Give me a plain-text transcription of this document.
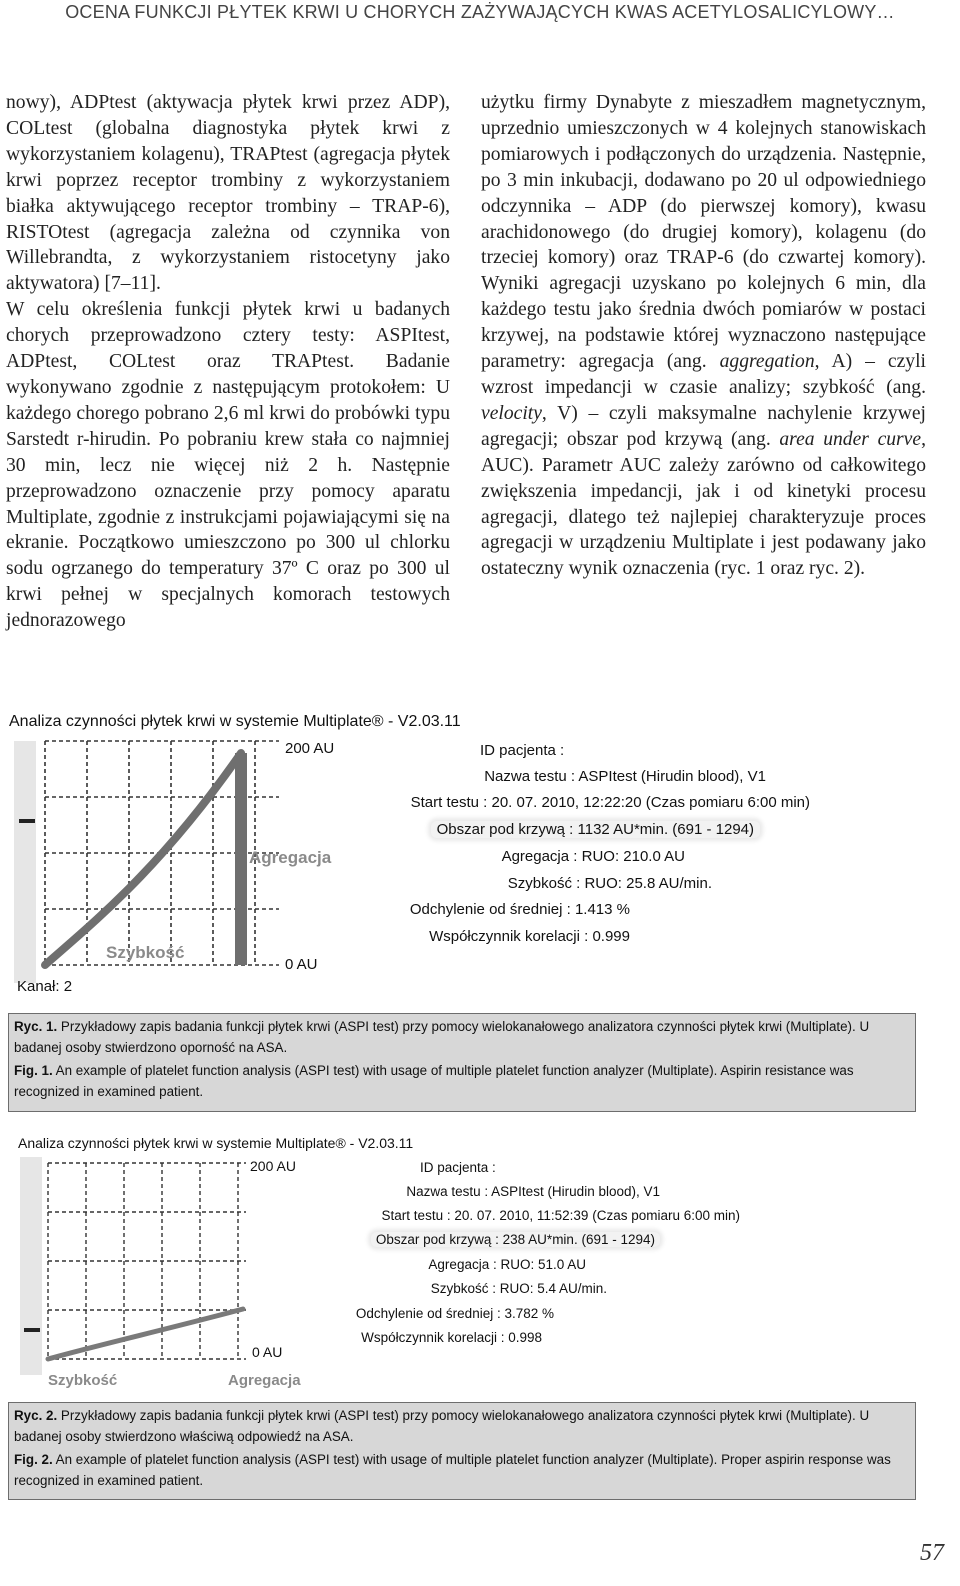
OCENA FUNKCJI PŁYTEK KRWI U CHORYCH ZAŻYWAJĄCYCH KWAS ACETYLOSALICYLOWY…

nowy), ADPtest (aktywacja płytek krwi przez ADP), COLtest (globalna diagnostyka płytek krwi z wykorzystaniem kolagenu), TRAPtest (agregacja płytek krwi poprzez receptor trombiny z wykorzystaniem białka aktywującego receptor trombiny – TRAP-6), RISTOtest (agregacja zależna od czynnika von Willebrandta, z wykorzystaniem ristocetyny jako aktywatora) [7–11].

W celu określenia funkcji płytek krwi u badanych chorych przeprowadzono cztery testy: ASPItest, ADPtest, COLtest oraz TRAPtest. Badanie wykonywano zgodnie z następującym protokołem: U każdego chorego pobrano 2,6 ml krwi do probówki typu Sarstedt r-hirudin. Po pobraniu krew stała co najmniej 30 min, lecz nie więcej niż 2 h. Następnie przeprowadzono oznaczenie przy pomocy aparatu Multiplate, zgodnie z instrukcjami pojawiającymi się na ekranie. Początkowo umieszczono po 300 ul chlorku sodu ogrzanego do temperatury 37º C oraz po 300 ul krwi pełnej w specjalnych komorach testowych jednorazowego

użytku firmy Dynabyte z mieszadłem magnetycznym, uprzednio umieszczonych w 4 kolejnych stanowiskach pomiarowych i podłączonych do urządzenia. Następnie, po 3 min inkubacji, dodawano po 20 ul odpowiedniego odczynnika – ADP (do pierwszej komory), kwasu arachidonowego (do drugiej komory), kolagenu (do trzeciej komory) oraz TRAP-6 (do czwartej komory). Wyniki agregacji uzyskano po kolejnych 6 min, dla każdego testu jako średnia dwóch pomiarów w postaci krzywej, na podstawie której wyznaczono następujące parametry: agregacja (ang. aggregation, A) – czyli wzrost impedancji w czasie analizy; szybkość (ang. velocity, V) – czyli maksymalne nachylenie krzywej agregacji; obszar pod krzywą (ang. area under curve, AUC). Parametr AUC zależy zarówno od całkowitego zwiększenia impedancji, jak i od kinetyki procesu agregacji, dlatego też najlepiej charakteryzuje proces agregacji w urządzeniu Multiplate i jest podawany jako ostateczny wynik oznaczenia (ryc. 1 oraz ryc. 2).

Analiza czynności płytek krwi w systemie Multiplate® - V2.03.11
Agregacja
Szybkość
200 AU
0 AU
Kanał: 2
ID pacjenta :
Nazwa testu : ASPItest (Hirudin blood), V1
Start testu : 20. 07. 2010, 12:22:20 (Czas pomiaru 6:00 min)
Obszar pod krzywą : 1132 AU*min. (691 - 1294)
Agregacja : RUO: 210.0 AU
Szybkość : RUO: 25.8 AU/min.
Odchylenie od średniej : 1.413 %
Współczynnik korelacji : 0.999

Ryc. 1. Przykładowy zapis badania funkcji płytek krwi (ASPI test) przy pomocy wielokanałowego analizatora czynności płytek krwi (Multiplate). U badanej osoby stwierdzono oporność na ASA.

Fig. 1. An example of platelet function analysis (ASPI test) with usage of multiple platelet function analyzer (Multiplate). Aspirin resistance was recognized in examined patient.

Analiza czynności płytek krwi w systemie Multiplate® - V2.03.11
200 AU
0 AU
Szybkość	Agregacja
ID pacjenta :
Nazwa testu : ASPItest (Hirudin blood), V1
Start testu : 20. 07. 2010, 11:52:39 (Czas pomiaru 6:00 min)
Obszar pod krzywą : 238 AU*min. (691 - 1294)
Agregacja : RUO: 51.0 AU
Szybkość : RUO: 5.4 AU/min.
Odchylenie od średniej : 3.782 %
Współczynnik korelacji : 0.998

Ryc. 2. Przykładowy zapis badania funkcji płytek krwi (ASPI test) przy pomocy wielokanałowego analizatora czynności płytek krwi (Multiplate). U badanej osoby stwierdzono właściwą odpowiedź na ASA.

Fig. 2. An example of platelet function analysis (ASPI test) with usage of multiple platelet function analyzer (Multiplate). Proper aspirin response was recognized in examined patient.

57
